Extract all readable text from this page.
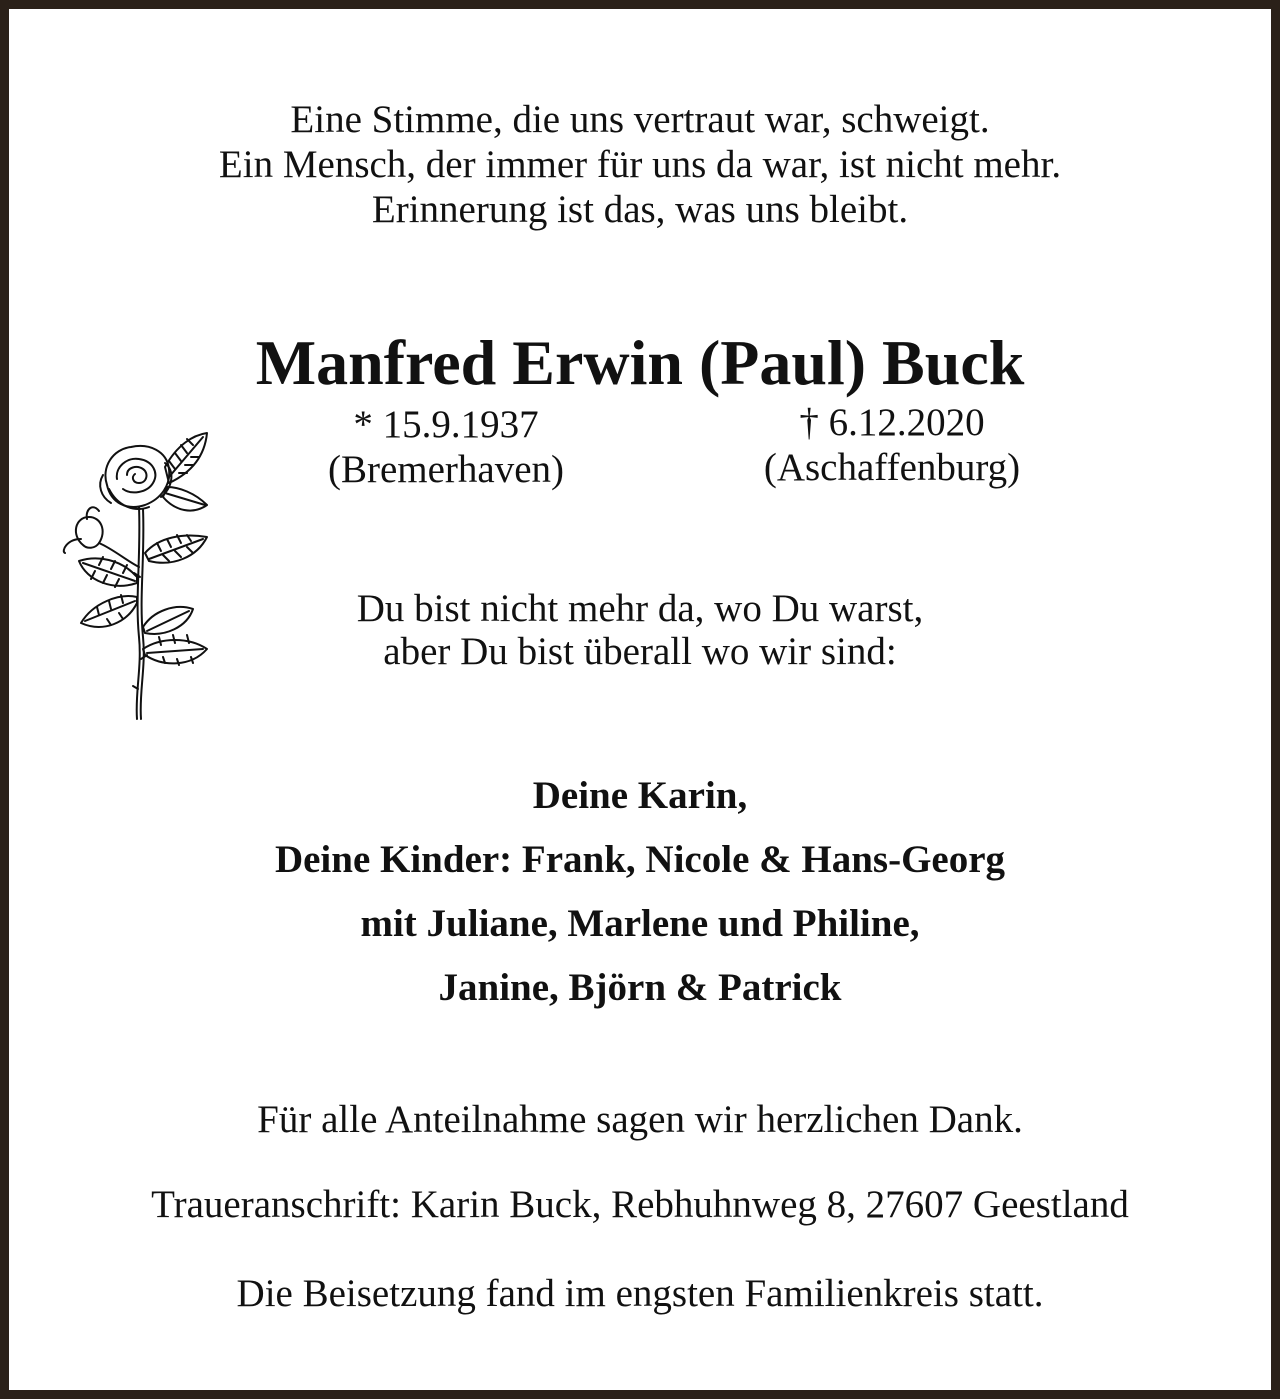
Eine Stimme, die uns vertraut war, schweigt.
Ein Mensch, der immer für uns da war, ist nicht mehr.
Erinnerung ist das, was uns bleibt.
Manfred Erwin (Paul) Buck
* 15.9.1937
(Bremerhaven)
† 6.12.2020
(Aschaffenburg)
Du bist nicht mehr da, wo Du warst,
aber Du bist überall wo wir sind:
Deine Karin,
Deine Kinder: Frank, Nicole & Hans-Georg
mit Juliane, Marlene und Philine,
Janine, Björn & Patrick
Für alle Anteilnahme sagen wir herzlichen Dank.
Traueranschrift: Karin Buck, Rebhuhnweg 8, 27607 Geestland
Die Beisetzung fand im engsten Familienkreis statt.
